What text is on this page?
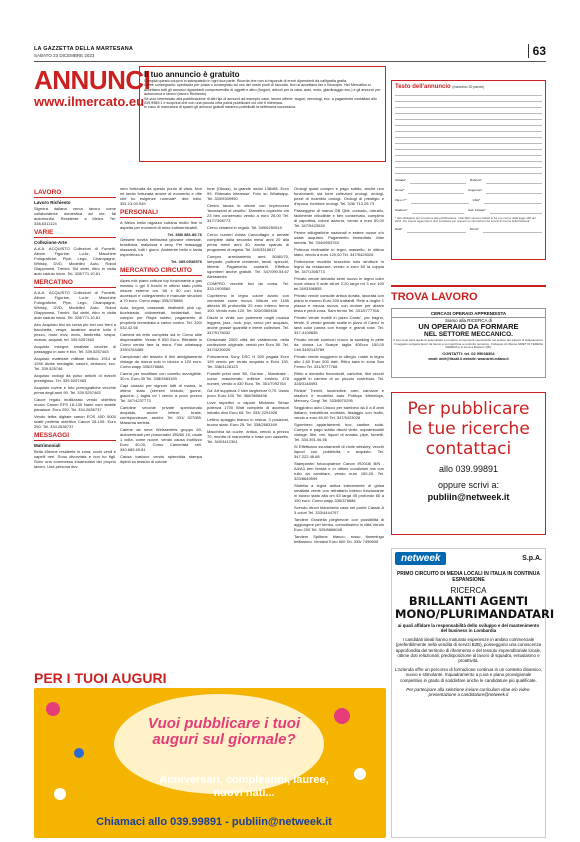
LA GAZZETTA DELLA MARTESANA
SABATO 23 DICEMBRE 2023	63
ANNUNCI
www.ilmercato.eu
Il tuo annuncio è gratuito

Compila questo coupon in stampatello in ogni sua parte. Ricorda che non si risponde di errori dipendenti da calligrafia grafia.

Come consegnarlo: spediscilo per posta o consegnalo ad uno dei nostri punti di raccolta. Non si accettano fax o fotocopie. Nel Mercatino si accettano tutti gli annunci riguardanti compravendite di oggetti e altro (furgoni, articoli per la casa, auto, moto, giardinaggio ecc.) e gli annunci per autoricerca e lavoro (lavoro Richiesto).

Se vuoi interessato alla pubblicazione di altri tipi di annunci ad esempio case, lavoro offerte, auguri, necrologi, ecc. a pagamento contattaci allo 039.9989.1 e scoprirai che con una piccola cifra potrai pubblicare ciò che ti interessa.

In caso di mancanza di spazio gli annunci gratuiti saranno pubblicati la settimana successiva.

Testo dell'annuncio (massimo 20 parole)
Testata*	Rubrica*
Nome*	Cognome*
Via e n°*	Città*
Telefono*	Cod. Fiscale*
* dati obbligatori per procedere alla pubblicazione. I dati SEG saranno trattati ai fini e le norme della legge 196 del 2003. Per essere aggiornati ci devi contattare per ricevere le informazioni dei servizi di ricerca della Netweek.
Data*	Firma*
LAVORO
Lavoro Richiesto

Signora italiana cerca lavoro come collaboratrice domestica ad ore, fai automunita. Residente a Melzo. Tel. 338.6311124

VARIE
Collezione-Arte

A.A.A. ACQUISTO Collezioni di Fumetti, Album Figurine, Lu-br, Macchine Fotografiche, Pipe, Lego, Champagne, Whisky, DVD, Modellini Auto, Robot Giapponesi, Trenini. Sul deltri, ritiro in visita auto caduto inicio. Tel. 328/771.10.81

MERCATINO

A.A.A. ACQUISTO Collezioni di Fumetti, Album Figurine, Lu-br, Macchine Fotografiche, Pipe, Lego, Champagne, Whisky, DVD, Modellini Auto, Robot Giapponesi, Trenini. Sul deltri, ritiro in visita auto caduto inicio. Tel. 328/771.10.81

Aeo Acquisto bici da corsa più bici con freni a bacchetta, vespe, lavatrice anche tutto il pezzo, moto mcv, moto, lambretta, vespa, motom, acquisti, tel. 339.5257463

Acquisto insegne smaltate vecchie di passaggio in auto e bici. Tel. 339.5257463

Acquisto materiale militare bellico 1914 al 1945 divise medaglie, caschi, cinturoni, ecc. Tel. 339.525746

Acquisto orologi da polso antichi di marchi prestigioso. Tel. 339.5257463

Acquisto rovine e foto pornografiche vecchie prima degli anni 90. Tel. 339.5257463

Cauce regalo inutilizzato vendo obiettivo nuovo Canon EFS 18-135 Nano usm stabile panaluce. Euro 250. Tel. 334.2636737

Vendo telfra digitale canon EOS 40D 5000 scatti perfetta obiettivo Canon 28-105. Euro 250. Tel. 334.2636737

MESSAGGI
Matrimoniali

Bella 45enne residente in zona, occhi verdi e capelli neri. Sono divorziata e non ho figli. Sono una commessa innamorata dei proprio lavoro. Una persona dev

vero fortunata da questo punto di vista. Non mi sento fortunata amore al momento e dite che ho esigenze normale*. dire tutto. 351.13.00.949

PERSONALI

A Melzo bella ragazza cubana molto fine vi aspetta per momenti di relax indimenticabili.

Tel. 388/ 881.89.76

Gessete novità bellissima giovane orientale, brasiliana, maliziosa e sexy. Per massaggi rilassanti, tutti i giorni. Ambiente bello e tanta esperienza a

Tel. 389.0536576
MERCATINO CIRCUITO

Alpes mix piano cottura top funzionante a gas metano o gpl 5 fuochi in ottimo stato pulito misure esterne cm. 68 x 50 con tubo accessori e collegamento e manuale struzioni a 70 euro. Como wapp 335/376686

Auto, furgoni, cassonati, ribaltabili, pick up, fuoristrada, chilometrati, incidentati, fusi, compro per Rispa subito, pagamento di proprietà immediata a carico nostro. Tel. 320/ 532.42.56

Camera dà letto completa sia in Como stile dispensabile. Vendo € 650 Euro. Ritirabile in Como centro fare la mura. Foto whatsapp 335/4764485

Campionari dei tessuto 8 libri abbigliamento vintage da donna solo in blocco a 120 euro. Como wapp 335/376686

Canna per innaffiare con carrello avvolgibile, 30 m. Euro 30 Tel. 338/2683169

Capi classici per signore tutti di marca, in ottimo stato (cernieri tessuto, gonne, giacche...) taglia m/ l vendo a poco prezzo Tel. 347/4237773

Cartoline vecchie private spensionato acquista, anche lettere, buste, corrispondenze, archivi. Tel. 031/ 927085. Massima serietà.

Catene da neve Weissenfels gruppo 60, autocentranti per pneumatici 195/60 15, usate 1 volta, come nuove, vendo causa inutilizzo Euro 40,00, Como Camerlata cell. 340.685.69.81

Causa trasloco vendo splendida stampa dipinti su tessuto di cotone

tone (Okuss), la grande ondai 138x88. Euro 99. Ridecata interesse. Foto su Whatsapp. Tel. 333/9309950

Centro tavola in ottone con impercorso 'lavorazioni al cesello.' Diametro copechio cm 23 ben conservato vendo a euro 25,00 Tel. 347/7308773

Cerco cimarini in regalo. Tel. 349/6250519

Cerco numeri rivista Cancottagio o annate complete dalla seconda meta' anni 20 alla prima meta' anni 40, anche sparuto di programmi di regata. Tel. 349/3318617

Compro arredamento anni 50/60/70, lampade, poltrone credenze, tavoli, specchi, librerie. Pagamento contanti. Effettuo sgomberi anche gratuiti. Tel. 347/090.54.67 Alessandro

COMPRO vecchie bici da corsa. Tel. 333.1905560

Copritermo in legno colore avorio con verniciare come nuovo. Misure cm 1185 altezza 80 profondità 29 euro interno termo 100. Vendo euro 120. Tel. 320/0369436

Dischi in vinile con polemere ungiti musica leggera, jazz, rock, pop, cerco per acquisto, anche grosse quantità e intere collezioni. Tel. 347/9176032

Divisionale 2002 città del valdemone, nella confezione originale, vendo per Euro 50. Tel. 347/4230026

Fotocamera Sony DSC H 300 pagata Euro 199 vendo per errato acquisto a Euro 130. Tel. 338/3128123

Fumetti primi anni '60, Gordon - Mandrake - uomo mascherato editrice lorutelo 478 numeri, vendo a 430 Euro. Tel. 351/7092764

Ga' Art suppleza 2 slim targhetore 0,70. Usato poco. Euro 100. Tel. 366/3658496

Love superficì a vapore Mickmax Simac potenza 1700 Watt completo di accessori imballo divo Euro 65. Tel. 333/ 2291928

Lettino spiaggio bianco in resina. 3 posizioni, buono stato. Euro 25. Tel. 338/2683169

Macchina da cucire, antica, vendo a prezzo 70, munita di manovella e base con cassetto. Tel. 349/3412361

Orologi quasi compro e pago subito, anche non funzionanti, sia torre collezioni orologi, orologi, pezzi di ricambio orologi. Orologi di prestigio e d'epoca, fornitore orologi. Tel. 328/ 713.25.73

Passeggino di marca GB Qbit, comodo, robusto, facilmente chiudibile e ben conservato, completo di capottina, colore azzurro, vendo a euro 60,00 Tel. 347/5423026

Penne stilografiche nazionali e estere nuove e/o usate acquisto. Pagamento immediato. Max serietà. Tel. 334/9953763

Poltrona reclinabile in legno massello, in ottimo stato, vendo a euro 120,00 Tel. 347/5423026

Poltroncine modello bracciolo solo strutture in legno da restaurare, vendo a euro 60 la coppia Tel. 347/1308773

Privato vende armadio semi nuovo in legno color noce chiaro 5 ante alt.mt 2,20 largo mt 3 eur 100 tel.3493396855

Privato vende consolle antica dorata, lavorata con piano in marmo Euro 200 trattabili. Rete a doghe 1 piazza e mezza nuova, con motore per alzare testa e piedi zona. Sam fermo Tel. 331/5777768

Privato vende mobili in pizzo Cantu', per bagno, tende. E vendo grande scalie in pizzo di Cantu' in lana color panna con frange e grandi rose. Tel. 347-4109836

Privato vende sumicon nuovo la swaking in pelle da donna La Scarpe taglia 40Euro 150,00 Cell.3492143789

Privato vende soggiorno in ciliegio, rotaie in legno alto 1,60 Euro 500 tratt. Ritiro sarà in zona San Fermo Tel. 331/5777768

Ritiro a domicilio francobolli, cartoline, libri vecchi oggetti in cambio di un piccolo contributo. Tel. 328/3148493

Riviste' Trenini, locomotive, carri, carrozze e stazioni e modellini auto Politoys Mebetoys, Mercury, Corgi. Tel. 333/8970295

Seggiolino auto Chicco per bambino da 0 a 8 anni italiano, imbottitura morbida, fissaggio con Isofix, vendo a euro 60,00 Tel. 347/5423026

Sgombero appartamenti, box, cantine, solai. Compro e pago subito dischi vinile, soprammobili vintage, libri, vini, liquori di annata, pipe, fumetti. Tel. 334.391.06.56

Si Effettuano svuotamenti di vinile whiskey, vecchi liquori con pubblicità, e acquisto. Tel. 347.222.46.68

Stampante/ fotocopiatrice Canon IR2016i B/N - A4/A3 ben tenuta e in ottime condizioni ma con rullo da cambiare, vendo euro 150,00. Tel. 320/8649599

Stufetta a legna antica interamente di ghisa smaltata verde con refrattario interno funzionante in buono stato alta cm 63 larga 45 profondo 60 a 150 euro. Como wapp 335/376686

Svendo ritrovi biancheria casa nel ponte Cassie A 3 colori Tel. 333/4444797

Tandem Graziella pieghevole con possibilità di aggiungere per bimbo, comodissimo in città Vendo Euro 200 Tel. 329/8866048

Tandem Spiltone bianco, rosso fiammingo bellissimo. Vendesi Euro 600 Tel. 335/ 7490605

TROVA LAVORO
CERCASI OPERAIO APPRENDISTA
Siamo alla RICERCA di
UN OPERAIO DA FORMARE
NEL SETTORE MECCANICO.
Il suo ruolo sarà quello di assemblare e produrre componenti meccaniche nel settore del sistemi di sollevamento.
Il soggetto svolgerà lavori da banco e su macchine a controllo numerico. Colloquio di chiamo ARIET DI TERESA CEREDA e si trova a Bussero (MI).
CONTATTI: tel. 02 95038304
email: ariet@tiscali.it website: www.ariet-milano.it
Per pubblicare
le tue ricerche
contattaci
allo 039.99891
oppure scrivi a:
publiin@netweek.it
netweek	S.p.A.
PRIMO CIRCUITO DI MEDIA LOCALI IN ITALIA IN CONTINUA ESPANSIONE
RICERCA
BRILLANTI AGENTI
MONO/PLURIMANDATARI
ai quali affidare la responsabilità dello sviluppo e del mantenimento del business in Lombardia
I candidati ideali hanno maturato esperienze in ambito commerciale (preferibilmente nella vendita di servizi B2B), posseggono una conoscenza approfondita del territorio di riferimento e del tessuto imprenditoriale locale, ottime doti relazionali, predisposizione al lavoro di squadra, entusiasmo e proattività.
L'azienda offre un percorso di formazione continua in un contesto dinamico, nuovo e stimolante. Inquadramento a p.iva e piano provvigionale competitivo in grado di soddisfare anche le candidature più qualificate.
Per partecipare alla selezione inviare curriculum vitae e/o video-presentazione a candidature@netweek.it
PER I TUOI AUGURI
Vuoi pubblicare i tuoi auguri sul giornale?
Anniversari, compleanni, lauree, nuovi nati...
Chiamaci allo 039.99891 - publiin@netweek.it
